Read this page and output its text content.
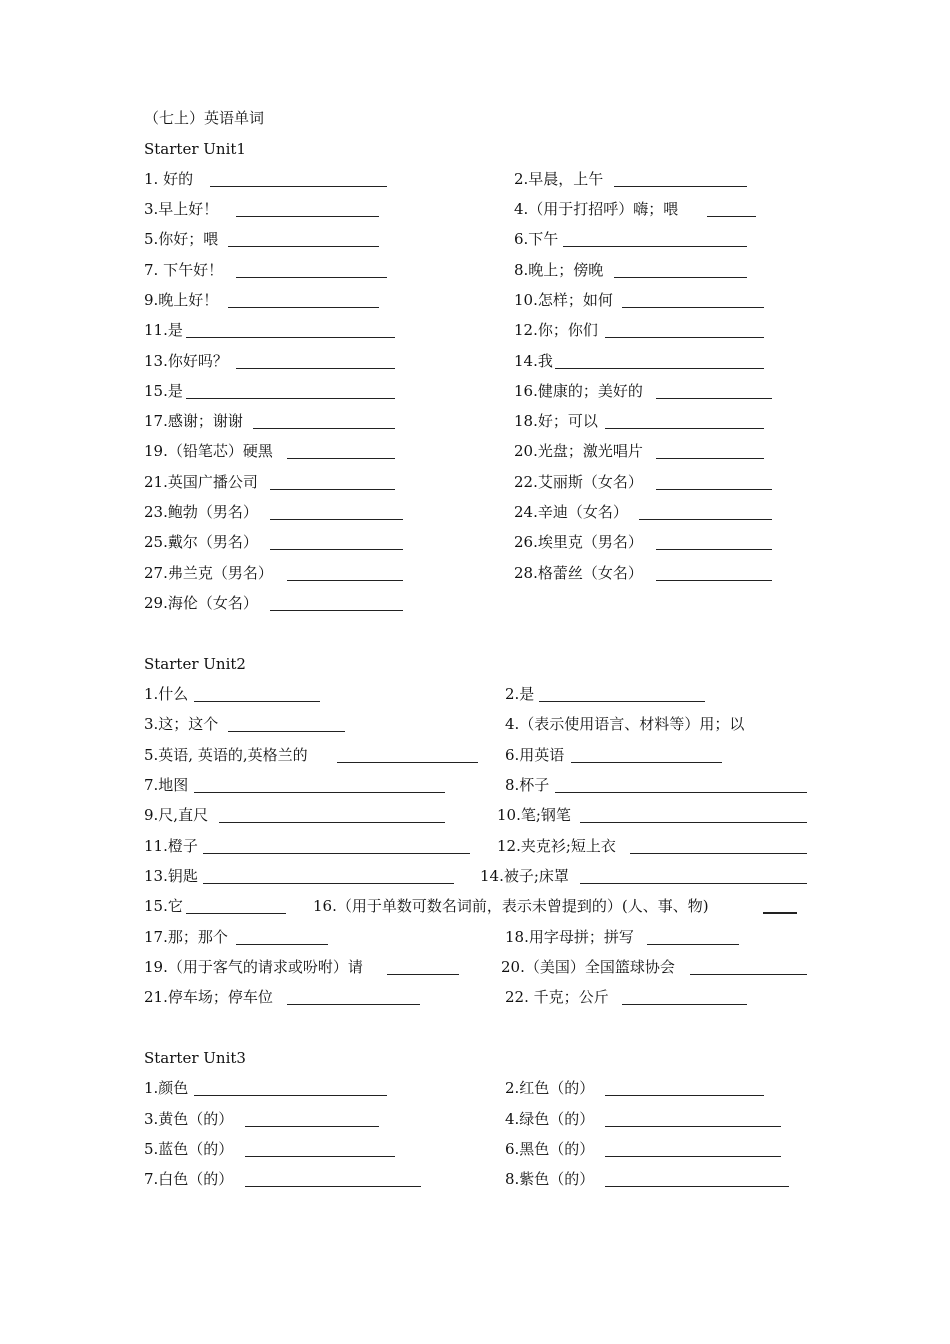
（七上）英语单词
Starter Unit1
1. 好的	2.早晨，上午
3.早上好！	4.（用于打招呼）嗨；喂
5.你好；喂	6.下午
7. 下午好！	8.晚上；傍晚
9.晚上好！	10.怎样；如何
11.是	12.你；你们
13.你好吗？	14.我
15.是	16.健康的；美好的
17.感谢；谢谢	18.好；可以
19.（铅笔芯）硬黑	20.光盘；激光唱片
21.英国广播公司	22.艾丽斯（女名）
23.鲍勃（男名）	24.辛迪（女名）
25.戴尔（男名）	26.埃里克（男名）
27.弗兰克（男名）	28.格蕾丝（女名）
29.海伦（女名）
Starter Unit2
1.什么	2.是
3.这；这个	4.（表示使用语言、材料等）用；以
5.英语, 英语的,英格兰的	6.用英语
7.地图	8.杯子
9.尺,直尺	10.笔;钢笔
11.橙子	12.夹克衫;短上衣
13.钥匙	14.被子;床罩
15.它	16.（用于单数可数名词前，表示未曾提到的）(人、事、物)
17.那；那个	18.用字母拼；拼写
19.（用于客气的请求或吩咐）请	20.（美国）全国篮球协会
21.停车场；停车位	22. 千克；公斤
Starter Unit3
1.颜色	2.红色（的）
3.黄色（的）	4.绿色（的）
5.蓝色（的）	6.黑色（的）
7.白色（的）	8.紫色（的）
